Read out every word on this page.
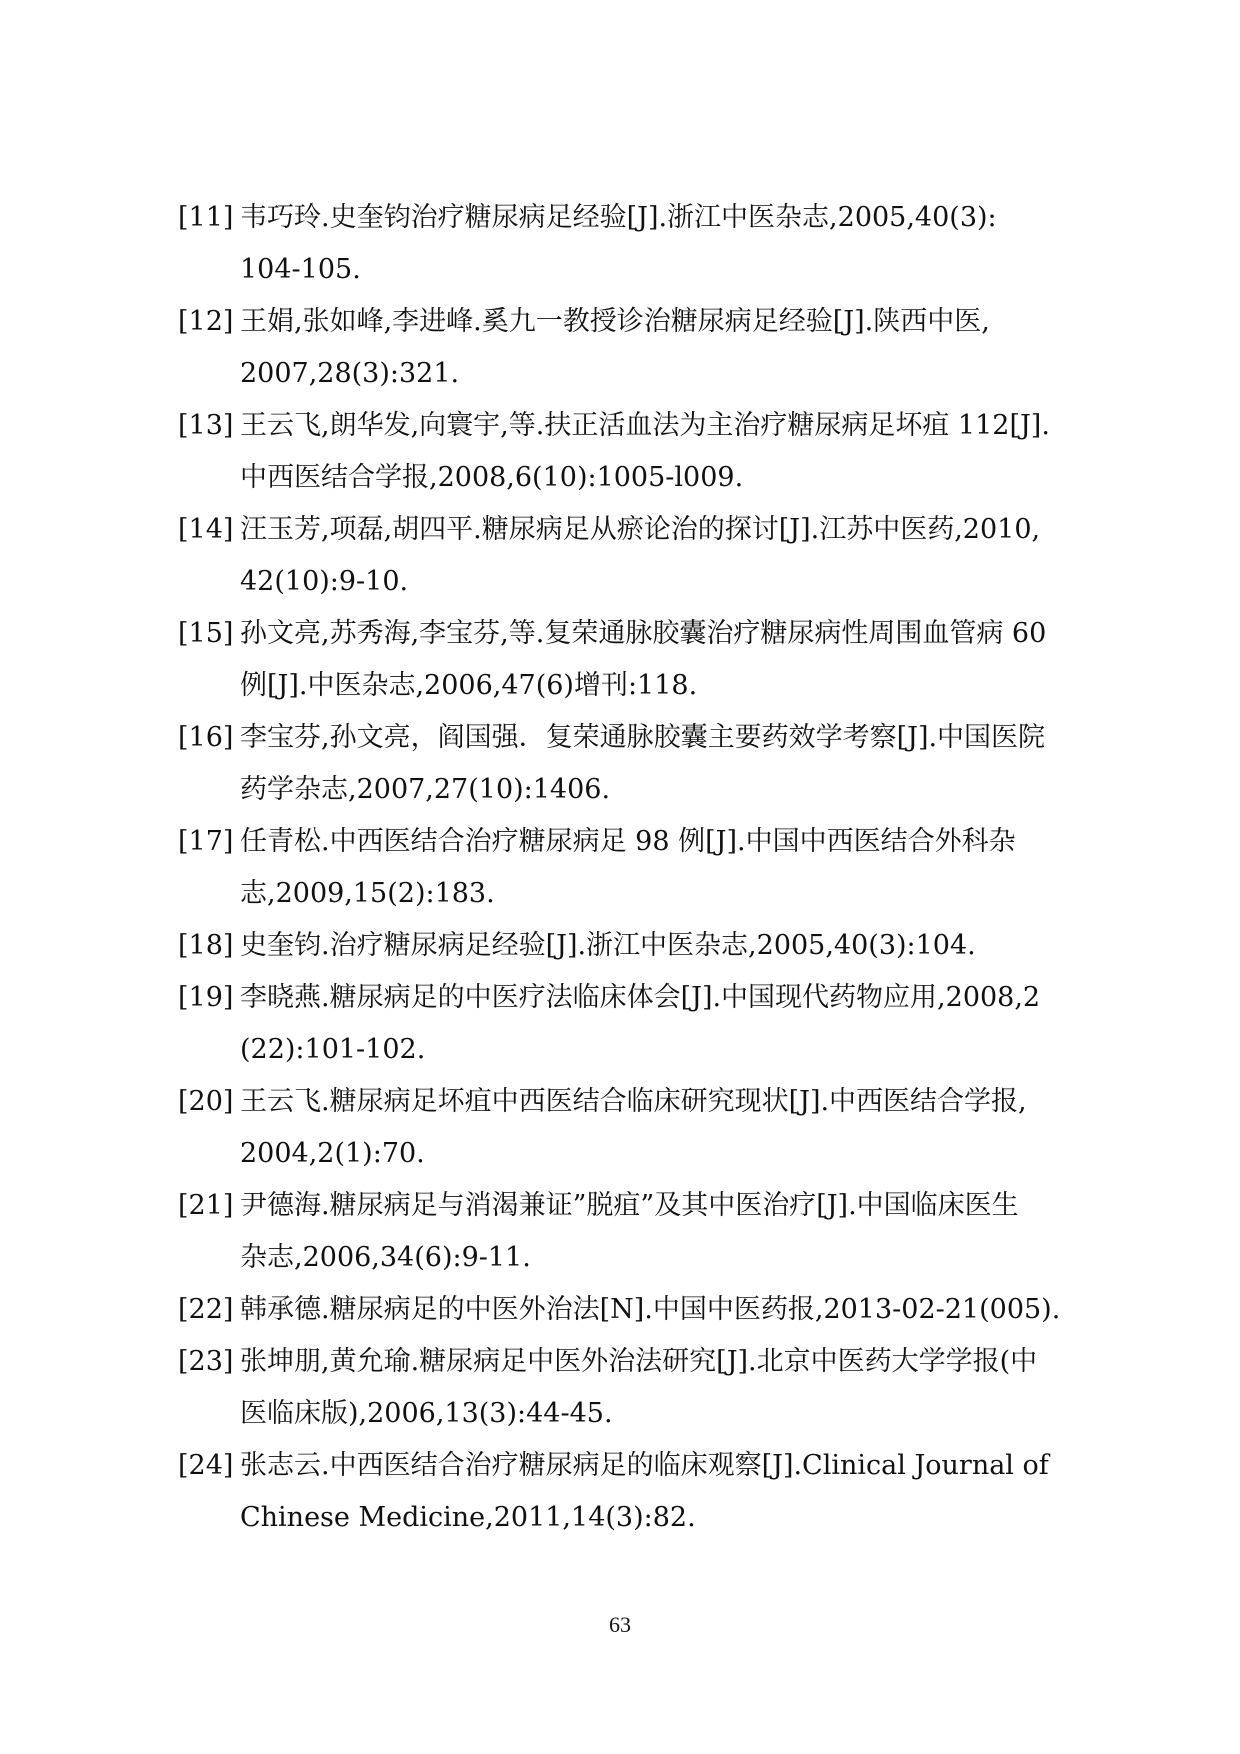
[11] 韦巧玲.史奎钧治疗糖尿病足经验[J].浙江中医杂志,2005,40(3):
104-105.
[12] 王娟,张如峰,李进峰.奚九一教授诊治糖尿病足经验[J].陕西中医,
2007,28(3):321.
[13] 王云飞,朗华发,向寰宇,等.扶正活血法为主治疗糖尿病足坏疽 112[J].
中西医结合学报,2008,6(10):1005-l009.
[14] 汪玉芳,项磊,胡四平.糖尿病足从瘀论治的探讨[J].江苏中医药,2010,
42(10):9-10.
[15] 孙文亮,苏秀海,李宝芬,等.复荣通脉胶囊治疗糖尿病性周围血管病 60
例[J].中医杂志,2006,47(6)增刊:118.
[16] 李宝芬,孙文亮，阎国强．复荣通脉胶囊主要药效学考察[J].中国医院
药学杂志,2007,27(10):1406.
[17] 任青松.中西医结合治疗糖尿病足 98 例[J].中国中西医结合外科杂
志,2009,15(2):183.
[18] 史奎钧.治疗糖尿病足经验[J].浙江中医杂志,2005,40(3):104.
[19] 李晓燕.糖尿病足的中医疗法临床体会[J].中国现代药物应用,2008,2
(22):101-102.
[20] 王云飞.糖尿病足坏疽中西医结合临床研究现状[J].中西医结合学报,
2004,2(1):70.
[21] 尹德海.糖尿病足与消渴兼证”脱疽”及其中医治疗[J].中国临床医生
杂志,2006,34(6):9-11.
[22] 韩承德.糖尿病足的中医外治法[N].中国中医药报,2013-02-21(005).
[23] 张坤朋,黄允瑜.糖尿病足中医外治法研究[J].北京中医药大学学报(中
医临床版),2006,13(3):44-45.
[24] 张志云.中西医结合治疗糖尿病足的临床观察[J].Clinical Journal of
Chinese Medicine,2011,14(3):82.
63
